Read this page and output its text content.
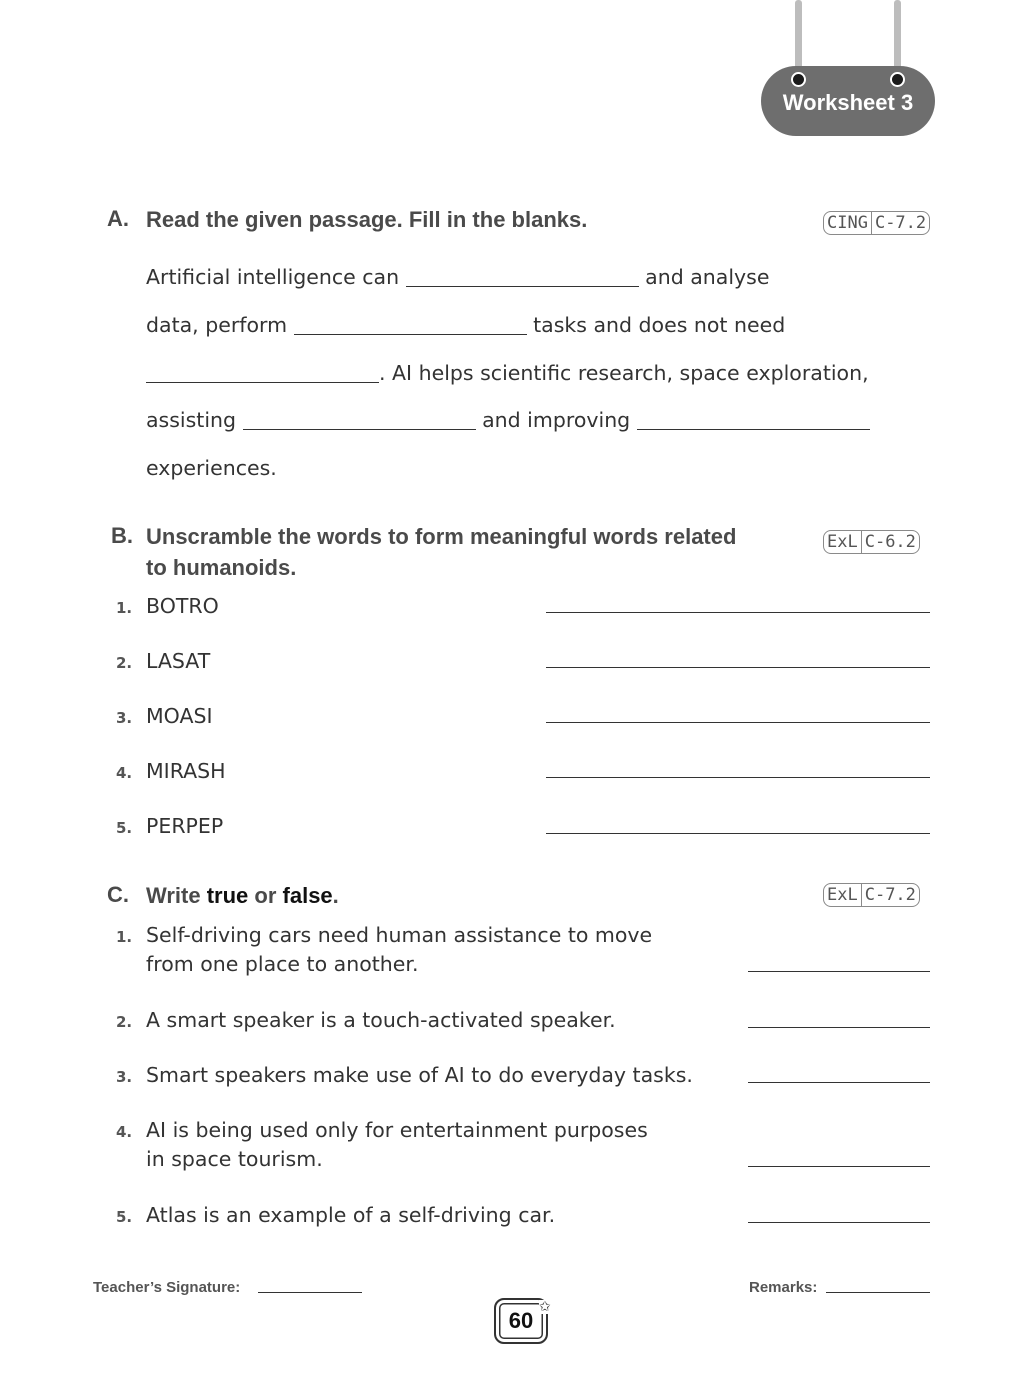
Worksheet 3
A. Read the given passage. Fill in the blanks.	CING C-7.2
Artificial intelligence can	and analyse
data, perform	tasks and does not need
. AI helps scientific research, space exploration,
assisting	and improving
experiences.
B. Unscramble the words to form meaningful words related
to humanoids.
ExL C-6.2
1. BOTRO
2. LASAT
3. MOASI
4. MIRASH
5. PERPEP
C. Write true or false.	ExL C-7.2
1. Self-driving cars need human assistance to move
from one place to another.
2. A smart speaker is a touch-activated speaker.
3. Smart speakers make use of AI to do everyday tasks.
4. AI is being used only for entertainment purposes
in space tourism.
5. Atlas is an example of a self-driving car.
Teacher’s Signature:	Remarks:
60
✩
